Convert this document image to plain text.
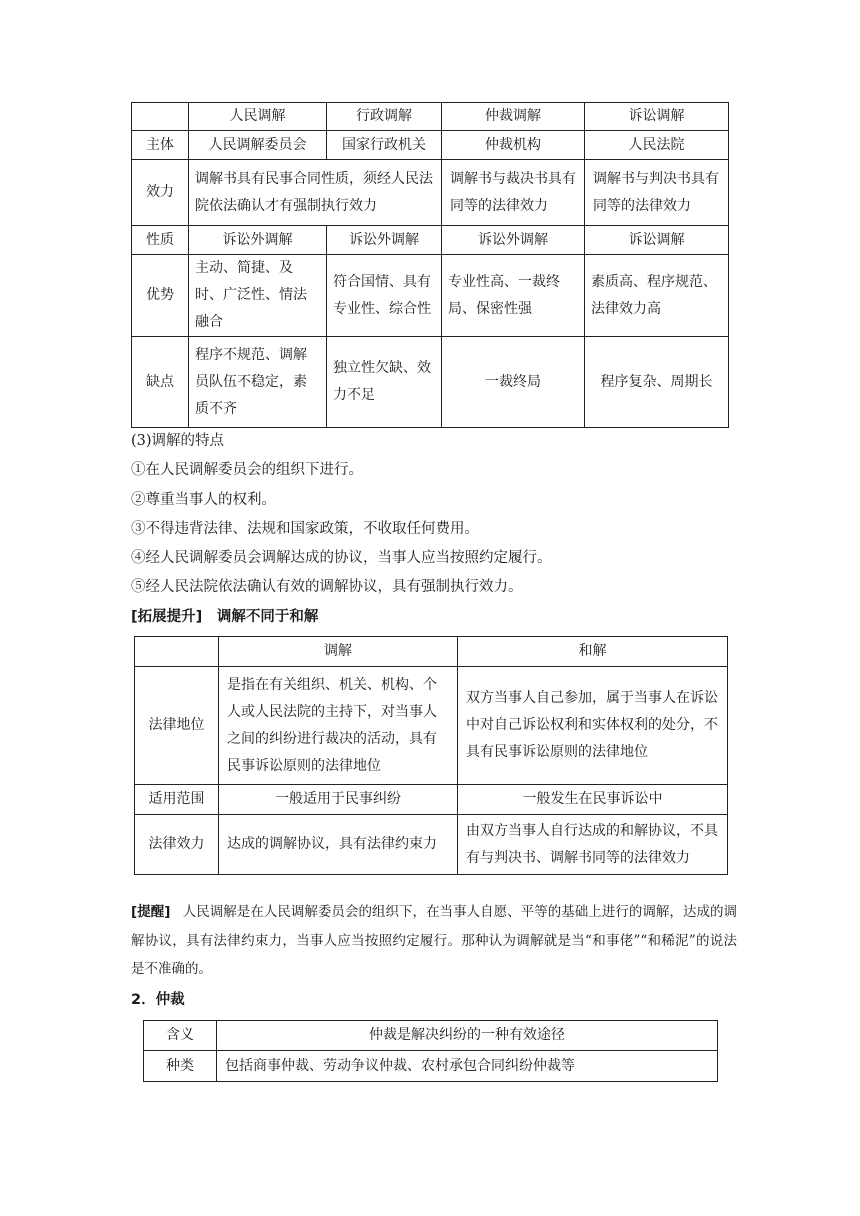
	人民调解	行政调解	仲裁调解	诉讼调解
主体	人民调解委员会	国家行政机关	仲裁机构	人民法院
效力	调解书具有民事合同性质，须经人民法院依法确认才有强制执行效力		调解书与裁决书具有同等的法律效力	调解书与判决书具有同等的法律效力
性质	诉讼外调解	诉讼外调解	诉讼外调解	诉讼调解
优势	主动、简捷、及时、广泛性、情法融合	符合国情、具有专业性、综合性	专业性高、一裁终局、保密性强	素质高、程序规范、法律效力高
缺点	程序不规范、调解员队伍不稳定，素质不齐	独立性欠缺、效力不足	一裁终局	程序复杂、周期长
(3)调解的特点
①在人民调解委员会的组织下进行。
②尊重当事人的权利。
③不得违背法律、法规和国家政策，不收取任何费用。
④经人民调解委员会调解达成的协议，当事人应当按照约定履行。
⑤经人民法院依法确认有效的调解协议，具有强制执行效力。
[拓展提升] 调解不同于和解
	调解	和解
法律地位	是指在有关组织、机关、机构、个人或人民法院的主持下，对当事人之间的纠纷进行裁决的活动，具有民事诉讼原则的法律地位	双方当事人自己参加，属于当事人在诉讼中对自己诉讼权利和实体权利的处分，不具有民事诉讼原则的法律地位
适用范围	一般适用于民事纠纷	一般发生在民事诉讼中
法律效力	达成的调解协议，具有法律约束力	由双方当事人自行达成的和解协议，不具有与判决书、调解书同等的法律效力
[提醒] 人民调解是在人民调解委员会的组织下，在当事人自愿、平等的基础上进行的调解，达成的调解协议，具有法律约束力，当事人应当按照约定履行。那种认为调解就是当“和事佬”“和稀泥”的说法是不准确的。
2．仲裁
含义	仲裁是解决纠纷的一种有效途径
种类	包括商事仲裁、劳动争议仲裁、农村承包合同纠纷仲裁等
